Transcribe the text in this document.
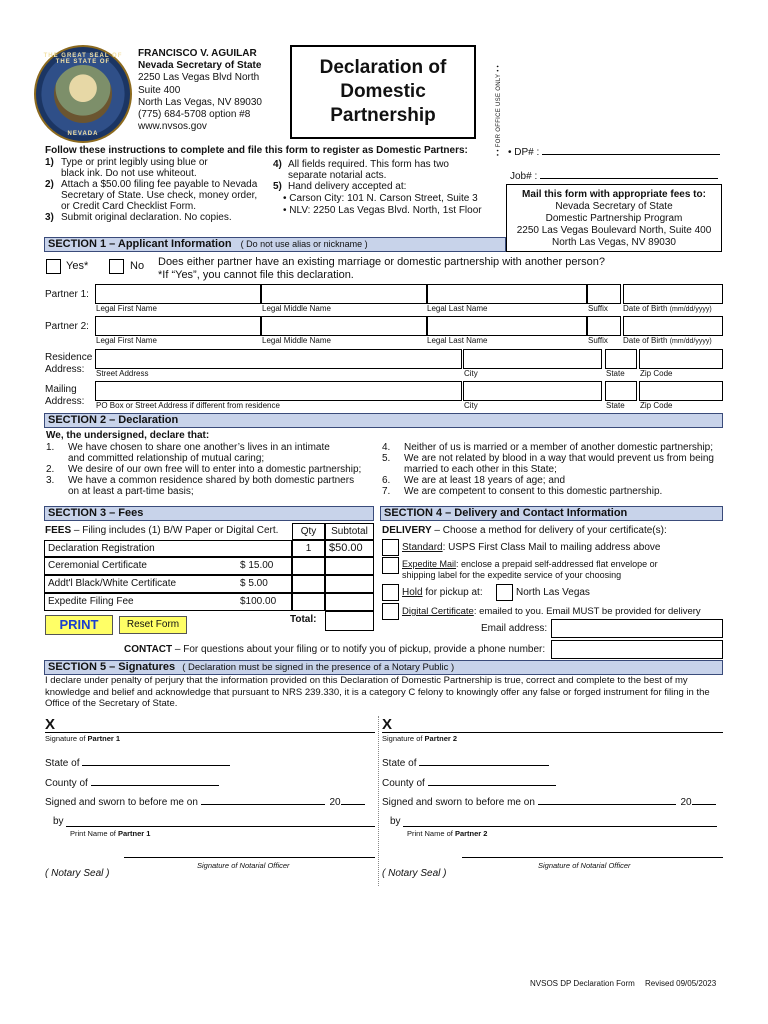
THE GREAT SEAL OF THE STATE OF
NEVADA
FRANCISCO V. AGUILAR
Nevada Secretary of State
2250 Las Vegas Blvd North
Suite 400
North Las Vegas, NV 89030
(775) 684-5708 option #8
www.nvsos.gov
Declaration of Domestic Partnership	• • FOR OFFICE USE ONLY • • • DP# :
Job# :
Follow these instructions to complete and file this form to register as Domestic Partners:
1) Type or print legibly using blue or
black ink. Do not use whiteout.
2) Attach a $50.00 filing fee payable to Nevada
Secretary of State. Use check, money order,
or Credit Card Checklist Form.
3) Submit original declaration. No copies.
4) All fields required. This form has two
separate notarial acts.
5) Hand delivery accepted at:
• Carson City: 101 N. Carson Street, Suite 3
• NLV: 2250 Las Vegas Blvd. North, 1st Floor
Mail this form with appropriate fees to:
Nevada Secretary of State
Domestic Partnership Program
2250 Las Vegas Boulevard North, Suite 400
North Las Vegas, NV 89030
SECTION 1 – Applicant Information ( Do not use alias or nickname )
Yes*	No Does either partner have an existing marriage or domestic partnership with another person?
*If “Yes”, you cannot file this declaration.
Partner 1:
Legal First Name	Legal Middle Name	Legal Last Name	Suffix Date of Birth (mm/dd/yyyy)
Partner 2:
Legal First Name	Legal Middle Name	Legal Last Name	Suffix Date of Birth (mm/dd/yyyy)
Residence
Address:	Street Address	City	State Zip Code
Mailing
Address: PO Box or Street Address if different from residence	City	State Zip Code
SECTION 2 – Declaration
We, the undersigned, declare that:
1.	We have chosen to share one another’s lives in an intimate
and committed relationship of mutual caring;
2.	We desire of our own free will to enter into a domestic partnership;
3.	We have a common residence shared by both domestic partners
on at least a part-time basis;
4.	Neither of us is married or a member of another domestic partnership;
5.	We are not related by blood in a way that would prevent us from being
married to each other in this State;
6.	We are at least 18 years of age; and
7.	We are competent to consent to this domestic partnership.
SECTION 3 – Fees
FEES – Filing includes (1) B/W Paper or Digital Cert.	Qty	Subtotal
Declaration Registration	1	$50.00
Ceremonial Certificate	$ 15.00
Addt'l Black/White Certificate	$ 5.00
Expedite Filing Fee	$100.00
PRINT	Reset Form	Total:
SECTION 4 – Delivery and Contact Information
DELIVERY – Choose a method for delivery of your certificate(s):
Standard: USPS First Class Mail to mailing address above
Expedite Mail: enclose a prepaid self-addressed flat envelope or
shipping label for the expedite service of your choosing
Hold for pickup at:	North Las Vegas
Digital Certificate: emailed to you. Email MUST be provided for delivery
Email address:
CONTACT – For questions about your filing or to notify you of pickup, provide a phone number:
SECTION 5 – Signatures ( Declaration must be signed in the presence of a Notary Public )
I declare under penalty of perjury that the information provided on this Declaration of Domestic Partnership is true, correct and complete to the best of my knowledge and belief and acknowledge that pursuant to NRS 239.330, it is a category C felony to knowingly offer any false or forged instrument for filing in the Office of the Secretary of State.
X
Signature of Partner 1
State of
County of
Signed and sworn to before me on	20
by
Print Name of Partner 1
Signature of Notarial Officer
( Notary Seal )
X
Signature of Partner 2
State of
County of
Signed and sworn to before me on	20
by
Print Name of Partner 2
Signature of Notarial Officer
( Notary Seal )
NVSOS DP Declaration Form Revised 09/05/2023
